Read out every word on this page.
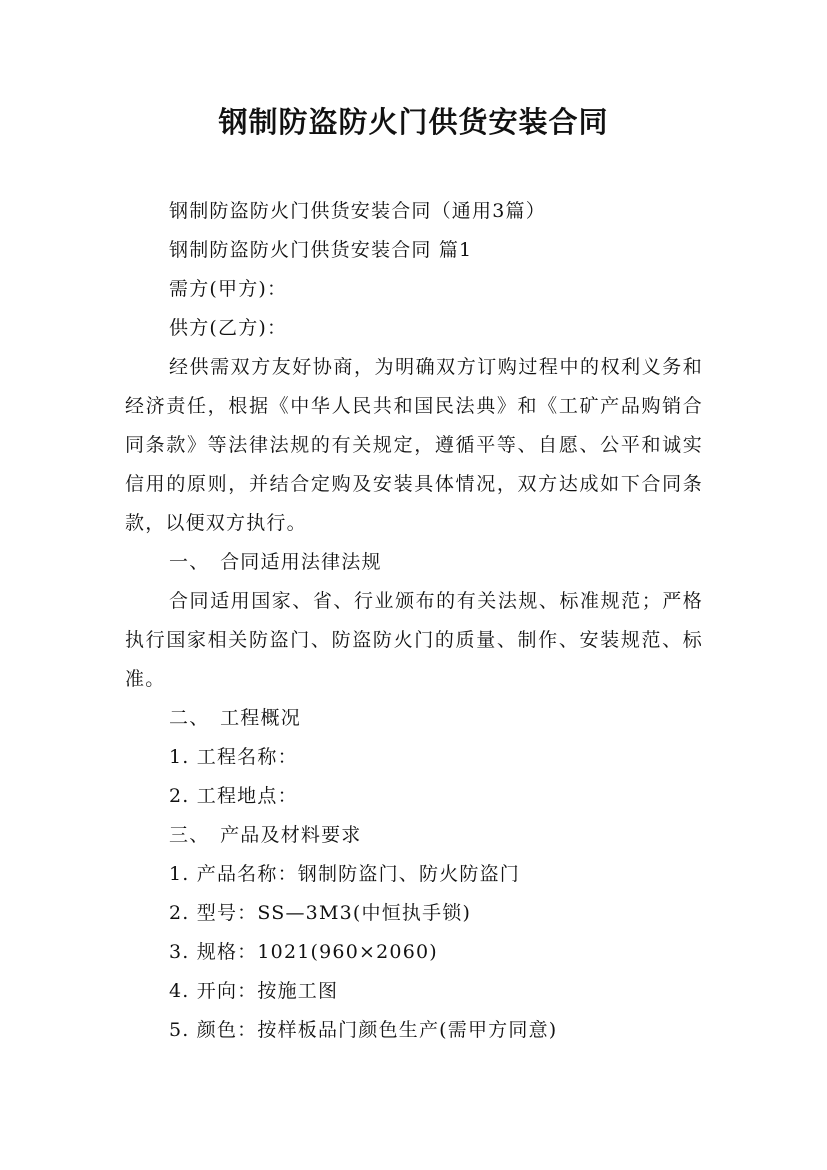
钢制防盗防火门供货安装合同

钢制防盗防火门供货安装合同（通用3篇）

钢制防盗防火门供货安装合同 篇1

需方(甲方)：

供方(乙方)：

经供需双方友好协商，为明确双方订购过程中的权利义务和经济责任，根据《中华人民共和国民法典》和《工矿产品购销合同条款》等法律法规的有关规定，遵循平等、自愿、公平和诚实信用的原则，并结合定购及安装具体情况，双方达成如下合同条款，以便双方执行。

一、　合同适用法律法规

合同适用国家、省、行业颁布的有关法规、标准规范；严格执行国家相关防盗门、防盗防火门的质量、制作、安装规范、标准。

二、　工程概况

1. 工程名称：

2. 工程地点：

三、　产品及材料要求

1. 产品名称：钢制防盗门、防火防盗门

2. 型号：SS—3M3(中恒执手锁)

3. 规格：1021(960×2060)

4. 开向：按施工图

5. 颜色：按样板品门颜色生产(需甲方同意)
